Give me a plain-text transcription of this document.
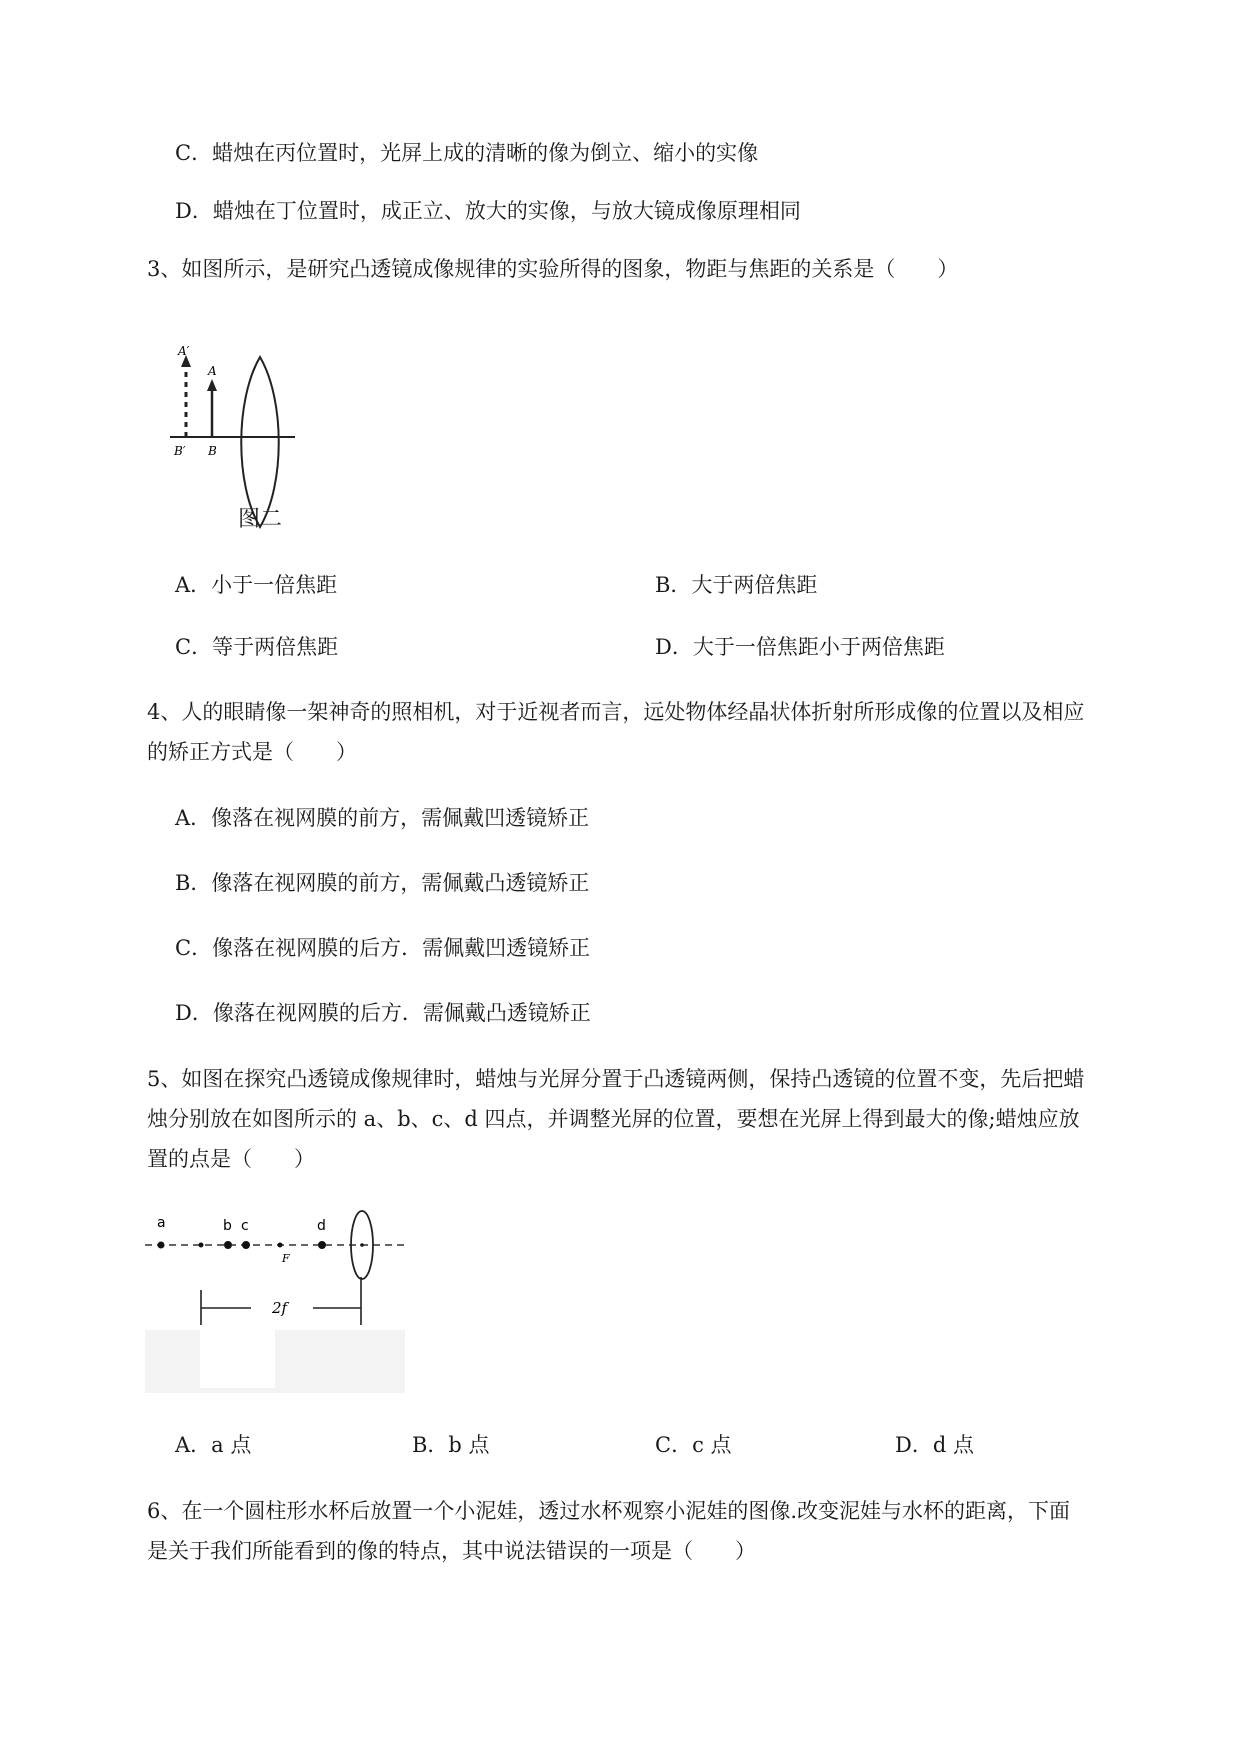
C．蜡烛在丙位置时，光屏上成的清晰的像为倒立、缩小的实像
D．蜡烛在丁位置时，成正立、放大的实像，与放大镜成像原理相同
3、如图所示，是研究凸透镜成像规律的实验所得的图象，物距与焦距的关系是（　　）
A′
A
B′ B
图二
A．小于一倍焦距	B．大于两倍焦距
C．等于两倍焦距	D．大于一倍焦距小于两倍焦距
4、人的眼睛像一架神奇的照相机，对于近视者而言，远处物体经晶状体折射所形成像的位置以及相应
的矫正方式是（　　）
A．像落在视网膜的前方，需佩戴凹透镜矫正
B．像落在视网膜的前方，需佩戴凸透镜矫正
C．像落在视网膜的后方．需佩戴凹透镜矫正
D．像落在视网膜的后方．需佩戴凸透镜矫正
5、如图在探究凸透镜成像规律时，蜡烛与光屏分置于凸透镜两侧，保持凸透镜的位置不变，先后把蜡
烛分别放在如图所示的 a、b、c、d 四点，并调整光屏的位置，要想在光屏上得到最大的像;蜡烛应放
置的点是（　　）
a	b c	d
F
2f
A．a 点	B．b 点	C．c 点	D．d 点
6、在一个圆柱形水杯后放置一个小泥娃，透过水杯观察小泥娃的图像.改变泥娃与水杯的距离，下面
是关于我们所能看到的像的特点，其中说法错误的一项是（　　）
